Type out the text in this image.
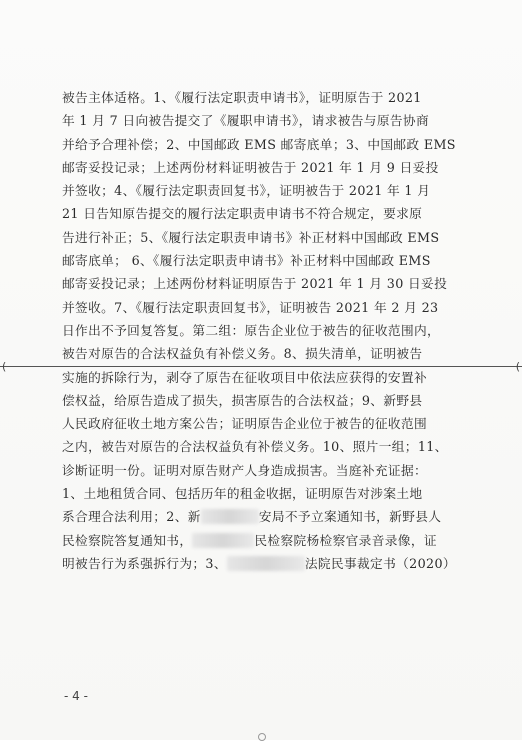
被告主体适格。1、《履行法定职责申请书》，证明原告于 2021
年 1 月 7 日向被告提交了《履职申请书》，请求被告与原告协商
并给予合理补偿；2、中国邮政 EMS 邮寄底单；3、中国邮政 EMS
邮寄妥投记录；上述两份材料证明被告于 2021 年 1 月 9 日妥投
并签收；4、《履行法定职责回复书》，证明被告于 2021 年 1 月
21 日告知原告提交的履行法定职责申请书不符合规定，要求原
告进行补正；5、《履行法定职责申请书》补正材料中国邮政 EMS
邮寄底单； 6、《履行法定职责申请书》补正材料中国邮政 EMS
邮寄妥投记录；上述两份材料证明原告于 2021 年 1 月 30 日妥投
并签收。7、《履行法定职责回复书》，证明被告 2021 年 2 月 23
日作出不予回复答复。第二组：原告企业位于被告的征收范围内，
被告对原告的合法权益负有补偿义务。8、损失清单，证明被告
实施的拆除行为，剥夺了原告在征收项目中依法应获得的安置补
偿权益，给原告造成了损失，损害原告的合法权益；9、新野县
人民政府征收土地方案公告；证明原告企业位于被告的征收范围
之内，被告对原告的合法权益负有补偿义务。10、照片一组；11、
诊断证明一份。证明对原告财产人身造成损害。当庭补充证据：
1、土地租赁合同、包括历年的租金收据，证明原告对涉案土地
系合理合法利用；2、新	安局不予立案通知书，新野县人
民检察院答复通知书，	民检察院杨检察官录音录像，证
明被告行为系强拆行为；3、	法院民事裁定书（2020）
(	(
- 4 -
